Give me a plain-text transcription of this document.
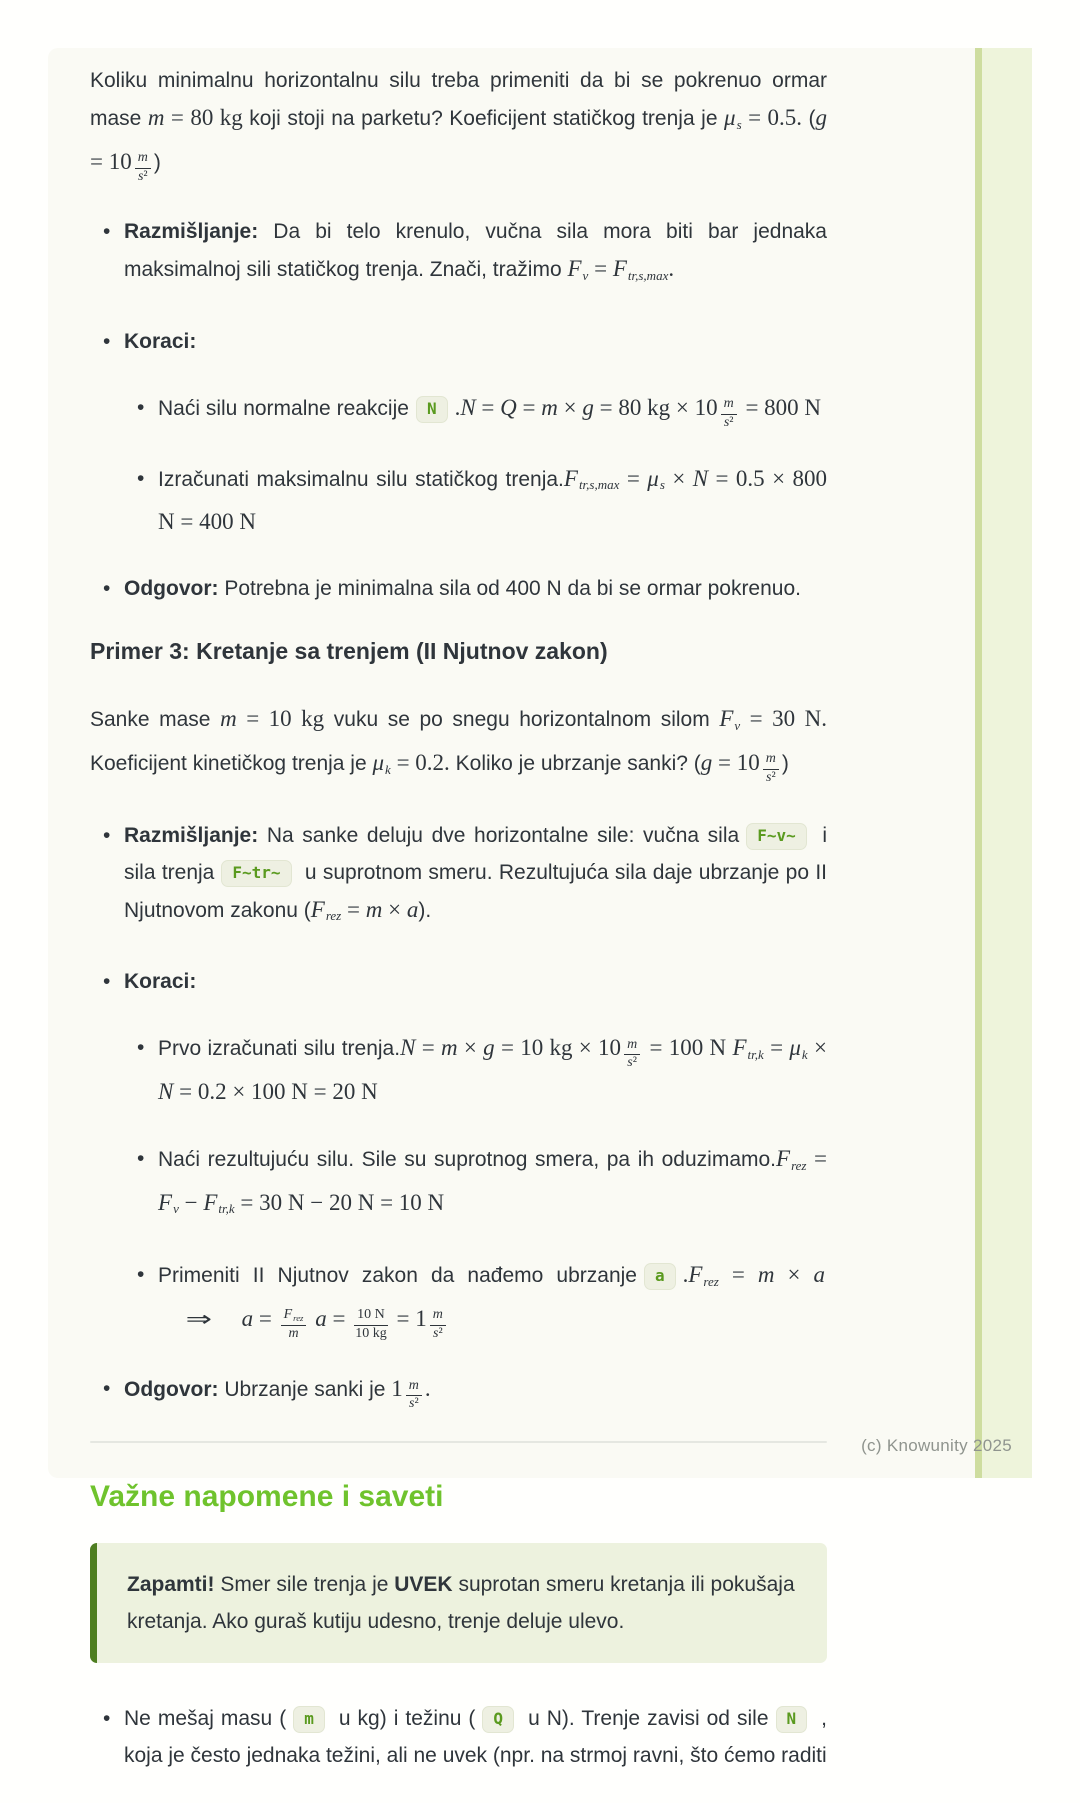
Koliku minimalnu horizontalnu silu treba primeniti da bi se pokrenuo ormar mase m = 80 kg koji stoji na parketu? Koeficijent statičkog trenja je μs = 0.5. ($g = 10 \frac{m}{\text{s²}}$ )
• Razmišljanje: Da bi telo krenulo, vučna sila mora biti bar jednaka maksimalnoj sili statičkog trenja. Znači, tražimo Fv = Ftr,s,max.
• Koraci:
• Naći silu normalne reakcije N .N = Q = m × g = 80 kg × $10 \frac{m}{\text{s²}} = 800$ N
• Izračunati maksimalnu silu statičkog trenja.Ftr,s,max = μs × N = 0.5 × 800 N = 400 N
• Odgovor: Potrebna je minimalna sila od 400 N da bi se ormar pokrenuo.
Primer 3: Kretanje sa trenjem (II Njutnov zakon)
Sanke mase m = 10 kg vuku se po snegu horizontalnom silom Fv = 30 N. Koeficijent kinetičkog trenja je μk = 0.2. Koliko je ubrzanje sanki? ($g = 10 \frac{m}{\text{s²}}$ )
• Razmišljanje: Na sanke deluju dve horizontalne sile: vučna sila F~v~ i sila trenja F~tr~ u suprotnom smeru. Rezultujuća sila daje ubrzanje po II Njutnovom zakonu (Frez = m × a).
• Koraci:
• Prvo izračunati silu trenja.N = m × g = 10 kg × $10 \frac{m}{\text{s²}} = 100$ N Ftr,k = μk × N = 0.2 × 100 N = 20 N
• Naći rezultujuću silu. Sile su suprotnog smera, pa ih oduzimamo.Frez = Fv − Ftr,k = 30 N − 20 N = 10 N
• Primeniti II Njutnov zakon da nađemo ubrzanje a .Frez = m × a⇒ $a = \frac{\text{Frez}}{m}$ $a = \frac{10 N}{10 kg} = 1 \frac{m}{\text{s²}}$
• Odgovor: Ubrzanje sanki je $1 \frac{m}{\text{s²}}$ .
Važne napomene i saveti
Zapamti! Smer sile trenja je UVEK suprotan smeru kretanja ili pokušaja kretanja. Ako guraš kutiju udesno, trenje deluje ulevo.
• Ne mešaj masu ( m u kg) i težinu ( Q u N). Trenje zavisi od sile N , koja je često jednaka težini, ali ne uvek (npr. na strmoj ravni, što ćemo raditi
(c) Knowunity 2025
